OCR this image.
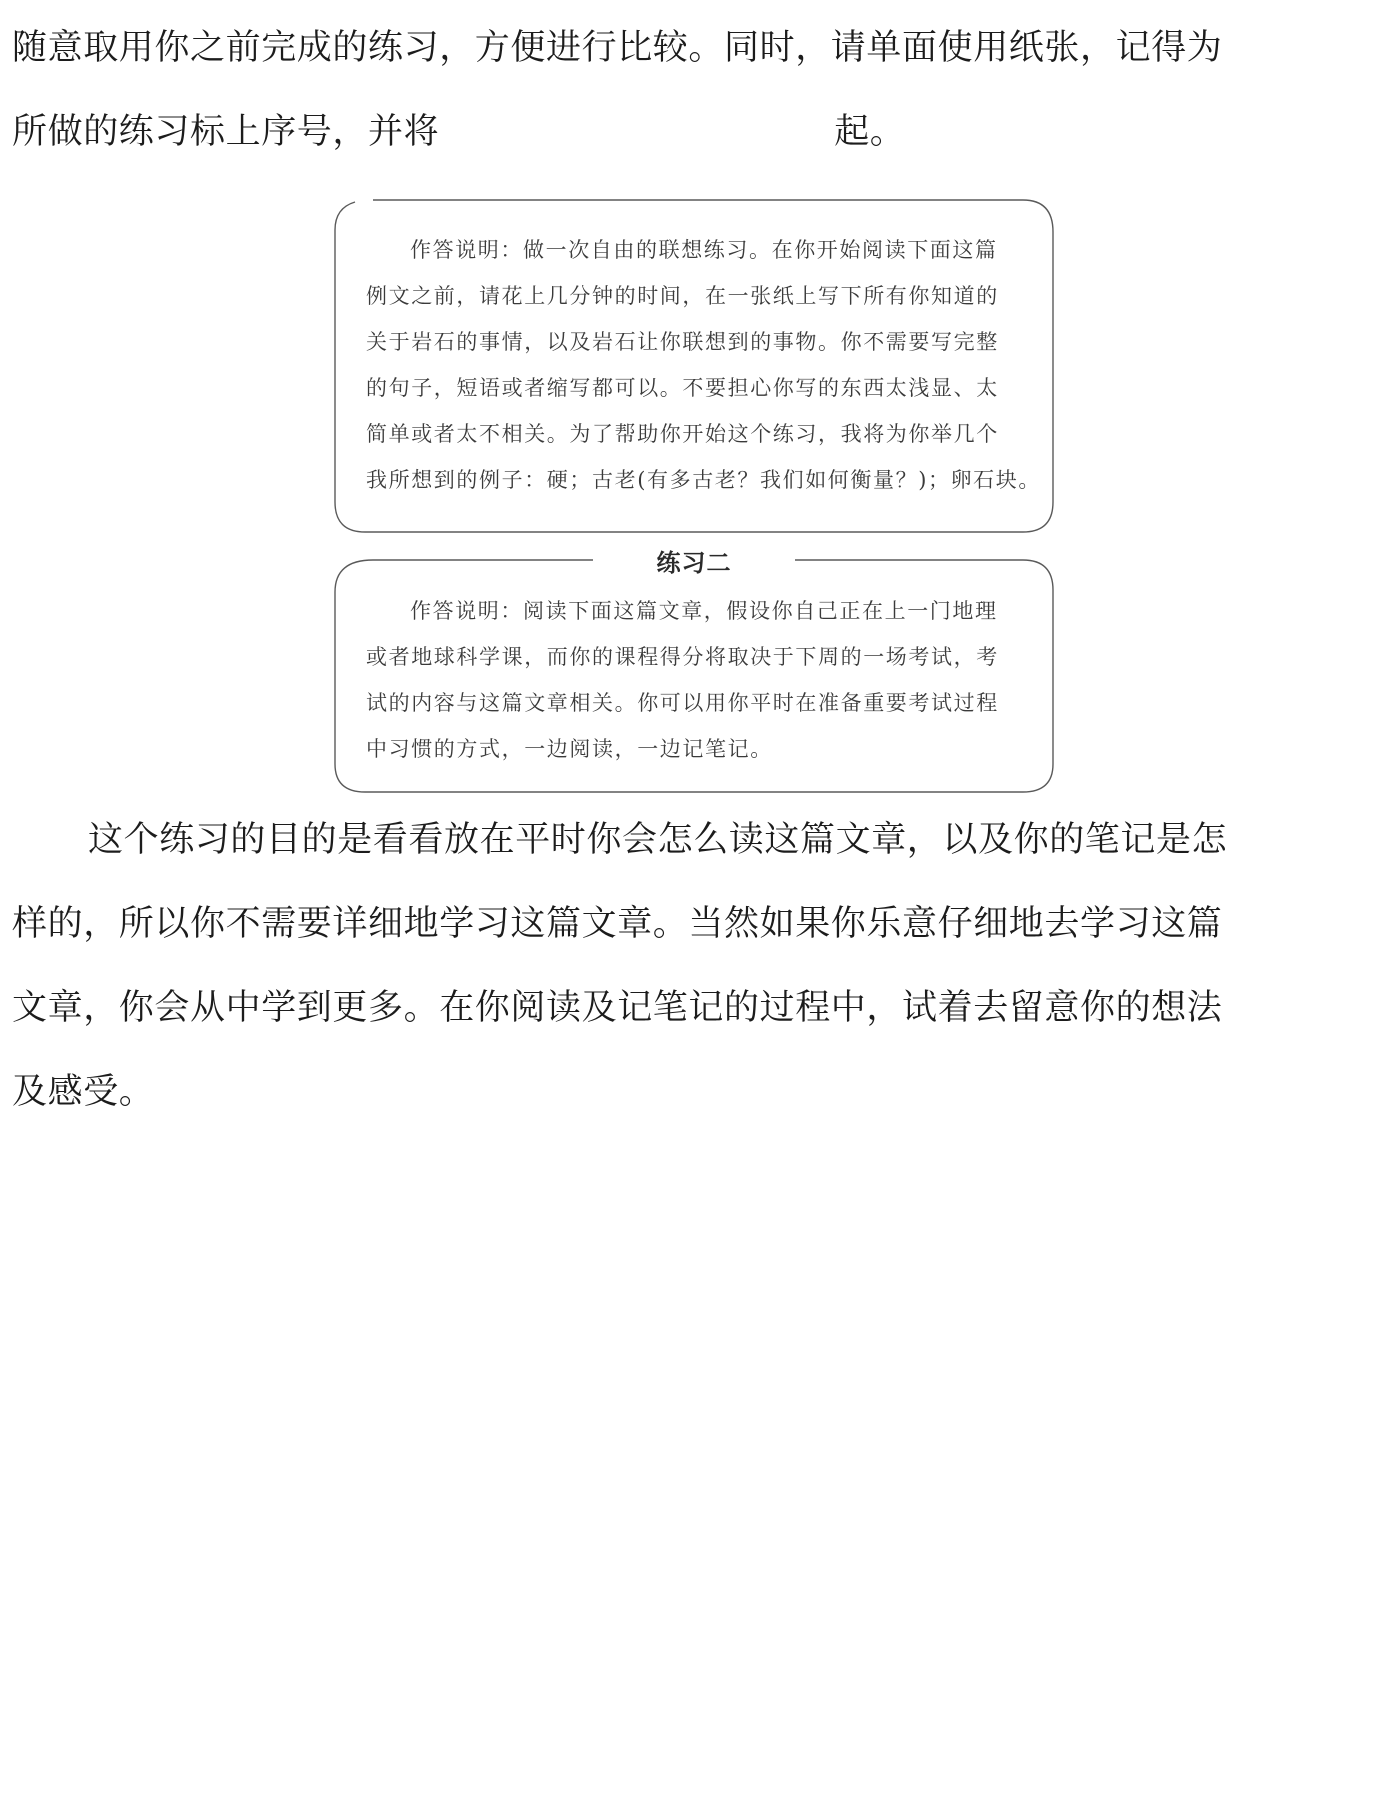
随意取用你之前完成的练习，方便进行比较。同时，请单面使用纸张，记得为
所做的练习标上序号，并将	起。
作答说明：做一次自由的联想练习。在你开始阅读下面这篇
例文之前，请花上几分钟的时间，在一张纸上写下所有你知道的
关于岩石的事情，以及岩石让你联想到的事物。你不需要写完整
的句子，短语或者缩写都可以。不要担心你写的东西太浅显、太
简单或者太不相关。为了帮助你开始这个练习，我将为你举几个
我所想到的例子：硬；古老(有多古老？我们如何衡量？)；卵石块。
练习二
作答说明：阅读下面这篇文章，假设你自己正在上一门地理
或者地球科学课，而你的课程得分将取决于下周的一场考试，考
试的内容与这篇文章相关。你可以用你平时在准备重要考试过程
中习惯的方式，一边阅读，一边记笔记。
这个练习的目的是看看放在平时你会怎么读这篇文章，以及你的笔记是怎
样的，所以你不需要详细地学习这篇文章。当然如果你乐意仔细地去学习这篇
文章，你会从中学到更多。在你阅读及记笔记的过程中，试着去留意你的想法
及感受。
